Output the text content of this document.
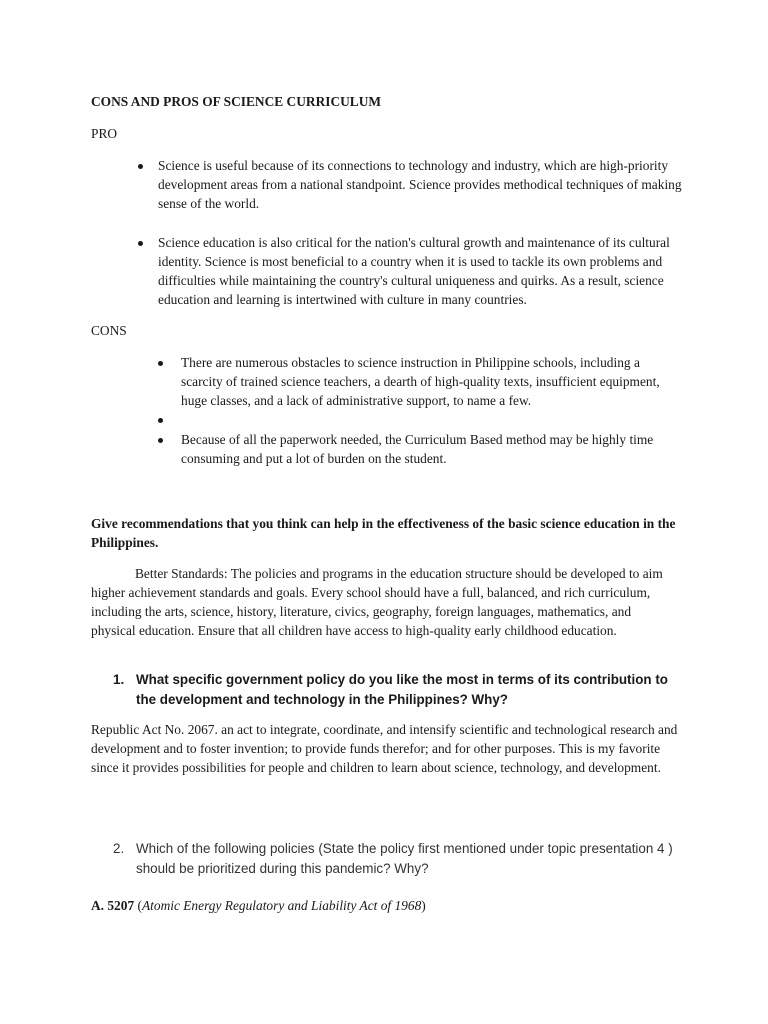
CONS AND PROS OF SCIENCE CURRICULUM
PRO
Science is useful because of its connections to technology and industry, which are high-priority development areas from a national standpoint. Science provides methodical techniques of making sense of the world.
Science education is also critical for the nation's cultural growth and maintenance of its cultural identity. Science is most beneficial to a country when it is used to tackle its own problems and difficulties while maintaining the country's cultural uniqueness and quirks. As a result, science education and learning is intertwined with culture in many countries.
CONS
There are numerous obstacles to science instruction in Philippine schools, including a scarcity of trained science teachers, a dearth of high-quality texts, insufficient equipment, huge classes, and a lack of administrative support, to name a few.
Because of all the paperwork needed, the Curriculum Based method may be highly time consuming and put a lot of burden on the student.
Give recommendations that you think can help in the effectiveness of the basic science education in the Philippines.
Better Standards: The policies and programs in the education structure should be developed to aim higher achievement standards and goals. Every school should have a full, balanced, and rich curriculum, including the arts, science, history, literature, civics, geography, foreign languages, mathematics, and physical education. Ensure that all children have access to high-quality early childhood education.
1. What specific government policy do you like the most in terms of its contribution to the development and technology in the Philippines? Why?
Republic Act No. 2067. an act to integrate, coordinate, and intensify scientific and technological research and development and to foster invention; to provide funds therefor; and for other purposes. This is my favorite since it provides possibilities for people and children to learn about science, technology, and development.
2. Which of the following policies (State the policy first mentioned under topic presentation 4 ) should be prioritized during this pandemic? Why?
A. 5207 (Atomic Energy Regulatory and Liability Act of 1968)
